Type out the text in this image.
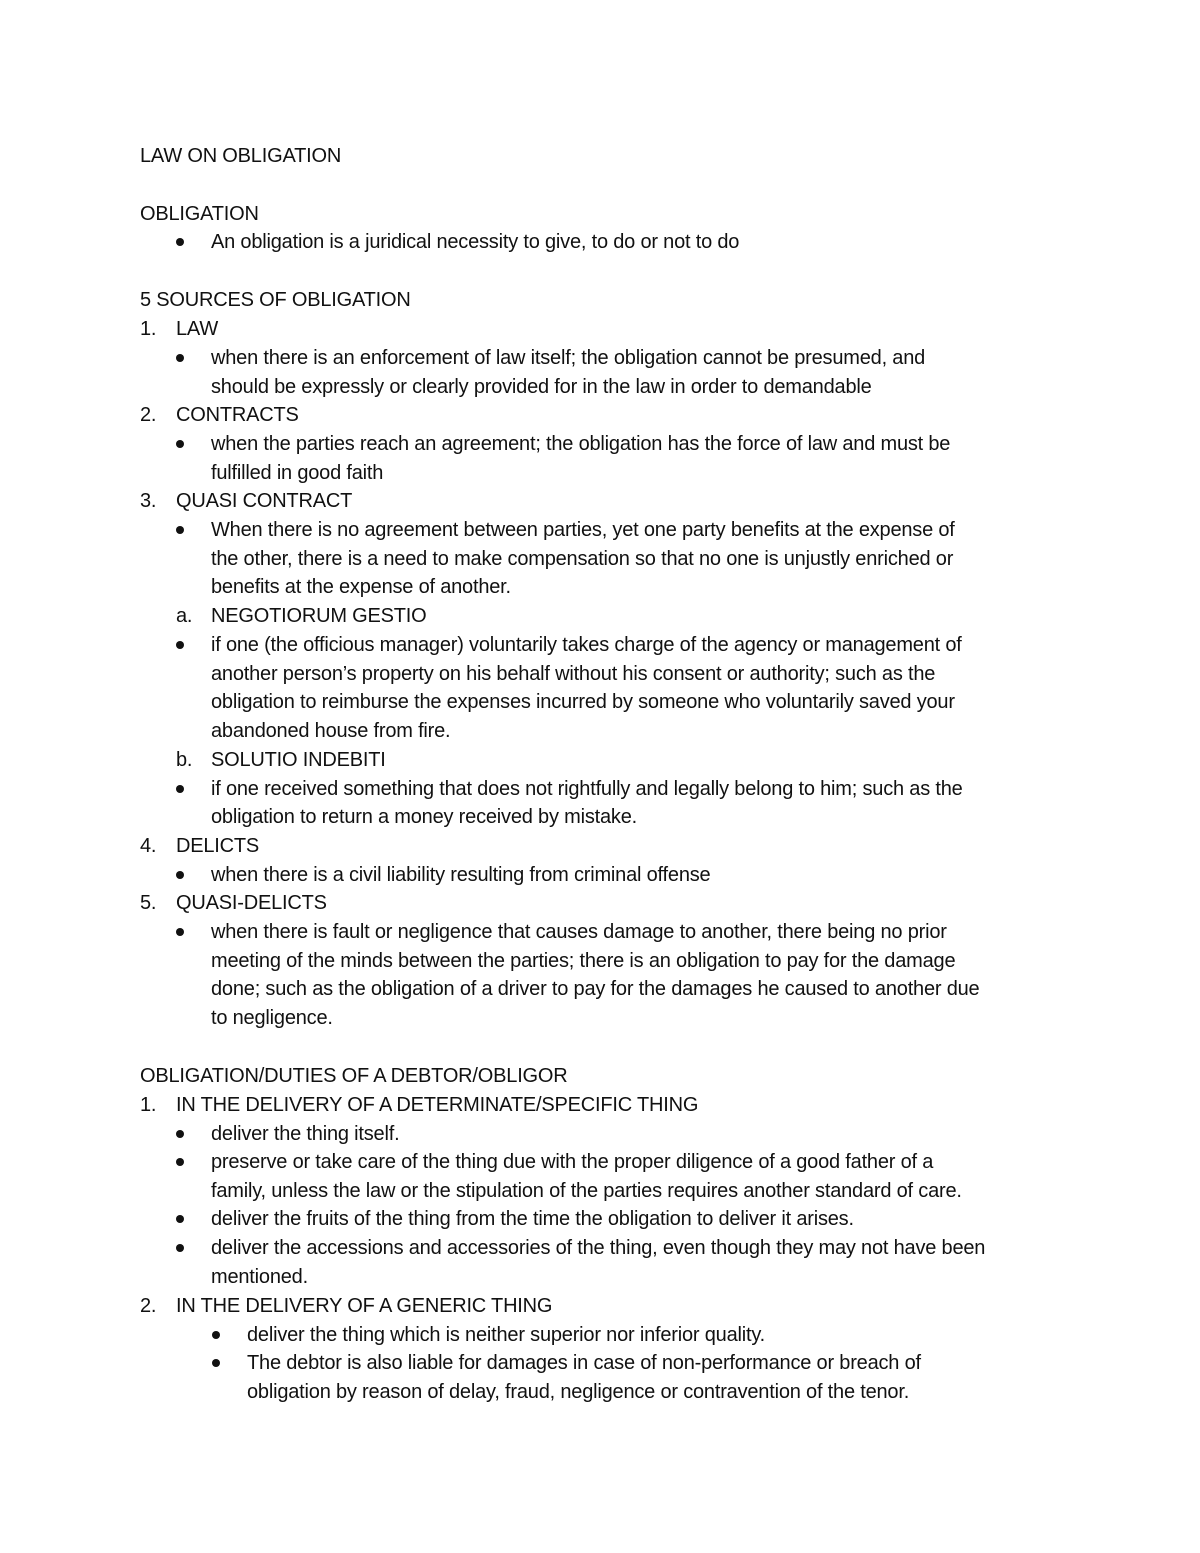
LAW ON OBLIGATION
OBLIGATION
An obligation is a juridical necessity to give, to do or not to do
5 SOURCES OF OBLIGATION
1. LAW
when there is an enforcement of law itself; the obligation cannot be presumed, and
should be expressly or clearly provided for in the law in order to demandable
2. CONTRACTS
when the parties reach an agreement; the obligation has the force of law and must be
fulfilled in good faith
3. QUASI CONTRACT
When there is no agreement between parties, yet one party benefits at the expense of
the other, there is a need to make compensation so that no one is unjustly enriched or
benefits at the expense of another.
a. NEGOTIORUM GESTIO
if one (the officious manager) voluntarily takes charge of the agency or management of
another person’s property on his behalf without his consent or authority; such as the
obligation to reimburse the expenses incurred by someone who voluntarily saved your
abandoned house from fire.
b. SOLUTIO INDEBITI
if one received something that does not rightfully and legally belong to him; such as the
obligation to return a money received by mistake.
4. DELICTS
when there is a civil liability resulting from criminal offense
5. QUASI-DELICTS
when there is fault or negligence that causes damage to another, there being no prior
meeting of the minds between the parties; there is an obligation to pay for the damage
done; such as the obligation of a driver to pay for the damages he caused to another due
to negligence.
OBLIGATION/DUTIES OF A DEBTOR/OBLIGOR
1. IN THE DELIVERY OF A DETERMINATE/SPECIFIC THING
deliver the thing itself.
preserve or take care of the thing due with the proper diligence of a good father of a
family, unless the law or the stipulation of the parties requires another standard of care.
deliver the fruits of the thing from the time the obligation to deliver it arises.
deliver the accessions and accessories of the thing, even though they may not have been
mentioned.
2. IN THE DELIVERY OF A GENERIC THING
deliver the thing which is neither superior nor inferior quality.
The debtor is also liable for damages in case of non-performance or breach of
obligation by reason of delay, fraud, negligence or contravention of the tenor.
